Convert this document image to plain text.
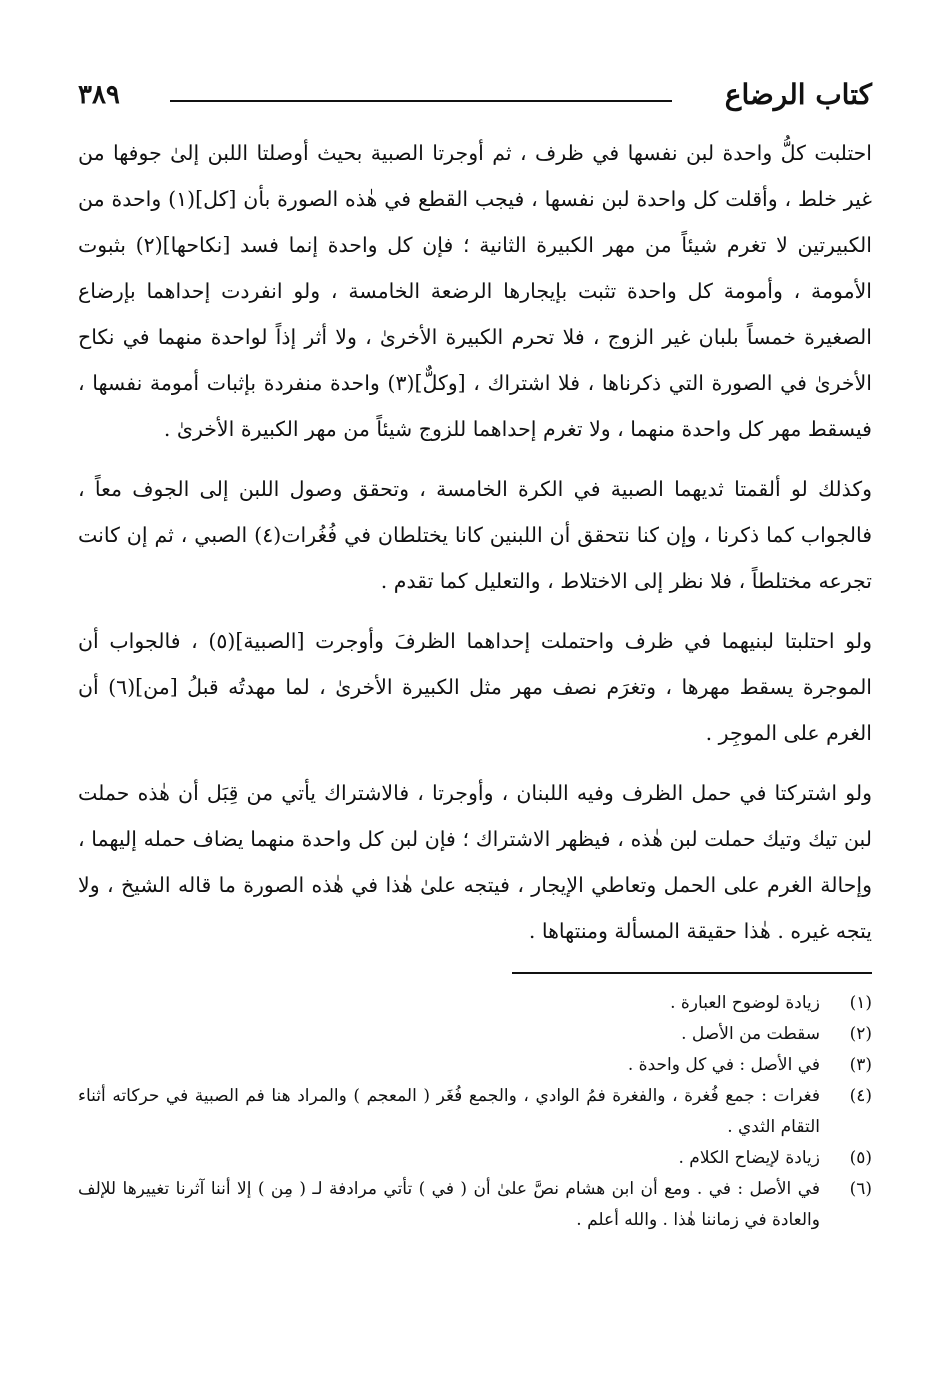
كتاب الرضاع
٣٨٩

احتلبت كلُّ واحدة لبن نفسها في ظرف ، ثم أوجرتا الصبية بحيث أوصلتا اللبن إلىٰ جوفها من غير خلط ، وأقلت كل واحدة لبن نفسها ، فيجب القطع في هٰذه الصورة بأن [كل](١) واحدة من الكبيرتين لا تغرم شيئاً من مهر الكبيرة الثانية ؛ فإن كل واحدة إنما فسد [نكاحها](٢) بثبوت الأمومة ، وأمومة كل واحدة تثبت بإيجارها الرضعة الخامسة ، ولو انفردت إحداهما بإرضاع الصغيرة خمساً بلبان غير الزوج ، فلا تحرم الكبيرة الأخرىٰ ، ولا أثر إذاً لواحدة منهما في نكاح الأخرىٰ في الصورة التي ذكرناها ، فلا اشتراك ، [وكلٌّ](٣) واحدة منفردة بإثبات أمومة نفسها ، فيسقط مهر كل واحدة منهما ، ولا تغرم إحداهما للزوج شيئاً من مهر الكبيرة الأخرىٰ .

وكذلك لو ألقمتا ثديهما الصبية في الكرة الخامسة ، وتحقق وصول اللبن إلى الجوف معاً ، فالجواب كما ذكرنا ، وإن كنا نتحقق أن اللبنين كانا يختلطان في فُغُرات(٤) الصبي ، ثم إن كانت تجرعه مختلطاً ، فلا نظر إلى الاختلاط ، والتعليل كما تقدم .

ولو احتلبتا لبنيهما في ظرف واحتملت إحداهما الظرفَ وأوجرت [الصبية](٥) ، فالجواب أن الموجرة يسقط مهرها ، وتغرَم نصف مهر مثل الكبيرة الأخرىٰ ، لما مهدتُه قبلُ [من](٦) أن الغرم على الموجِر .

ولو اشتركتا في حمل الظرف وفيه اللبنان ، وأوجرتا ، فالاشتراك يأتي من قِبَل أن هٰذه حملت لبن تيك وتيك حملت لبن هٰذه ، فيظهر الاشتراك ؛ فإن لبن كل واحدة منهما يضاف حمله إليهما ، وإحالة الغرم على الحمل وتعاطي الإيجار ، فيتجه علىٰ هٰذا في هٰذه الصورة ما قاله الشيخ ، ولا يتجه غيره . هٰذا حقيقة المسألة ومنتهاها .

(١)
زيادة لوضوح العبارة .
(٢)
سقطت من الأصل .
(٣)
في الأصل : في كل واحدة .
(٤)
فغرات : جمع فُغرة ، والفغرة فمُ الوادي ، والجمع فُغَر ( المعجم ) والمراد هنا فم الصبية في حركاته أثناء التقام الثدي .
(٥)
زيادة لإيضاح الكلام .
(٦)
في الأصل : في . ومع أن ابن هشام نصَّ علىٰ أن ( في ) تأتي مرادفة لـ ( مِن ) إلا أننا آثرنا تغييرها للإلف والعادة في زماننا هٰذا . والله أعلم .
